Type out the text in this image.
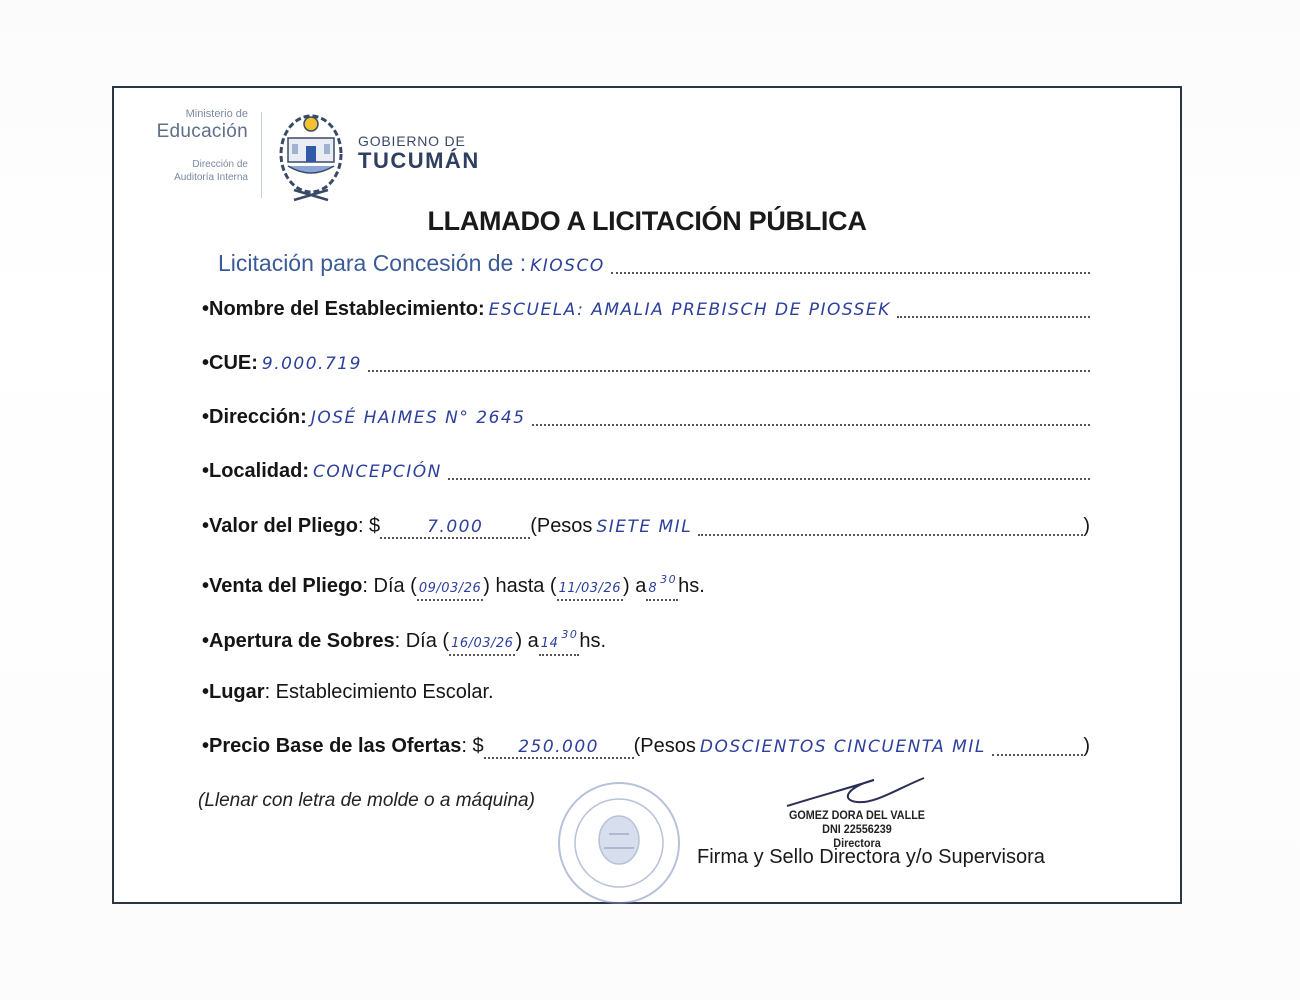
Ministerio de
Educación
Dirección de
Auditoría Interna
GOBIERNO DE
TUCUMÁN
LLAMADO A LICITACIÓN PÚBLICA
Licitación para Concesión de : KIOSCO
•Nombre del Establecimiento: ESCUELA: AMALIA PREBISCH DE PIOSSEK
•CUE: 9.000.719
•Dirección: JOSÉ HAIMES N° 2645
•Localidad: CONCEPCIÓN
•Valor del Pliego : $	7.000	(Pesos SIETE MIL	)
•Venta del Pliego : Día ( 09/03/26 ) hasta ( 11/03/26 ) a $8^{30}$ hs.
•Apertura de Sobres : Día ( 16/03/26 ) a $14^{30}$ hs.
•Lugar : Establecimiento Escolar.
•Precio Base de las Ofertas : $	250.000	(Pesos DOSCIENTOS CINCUENTA MIL	)
(Llenar con letra de molde o a máquina)
GOMEZ DORA DEL VALLE
DNI 22556239
Directora
Firma y Sello Directora y/o Supervisora
